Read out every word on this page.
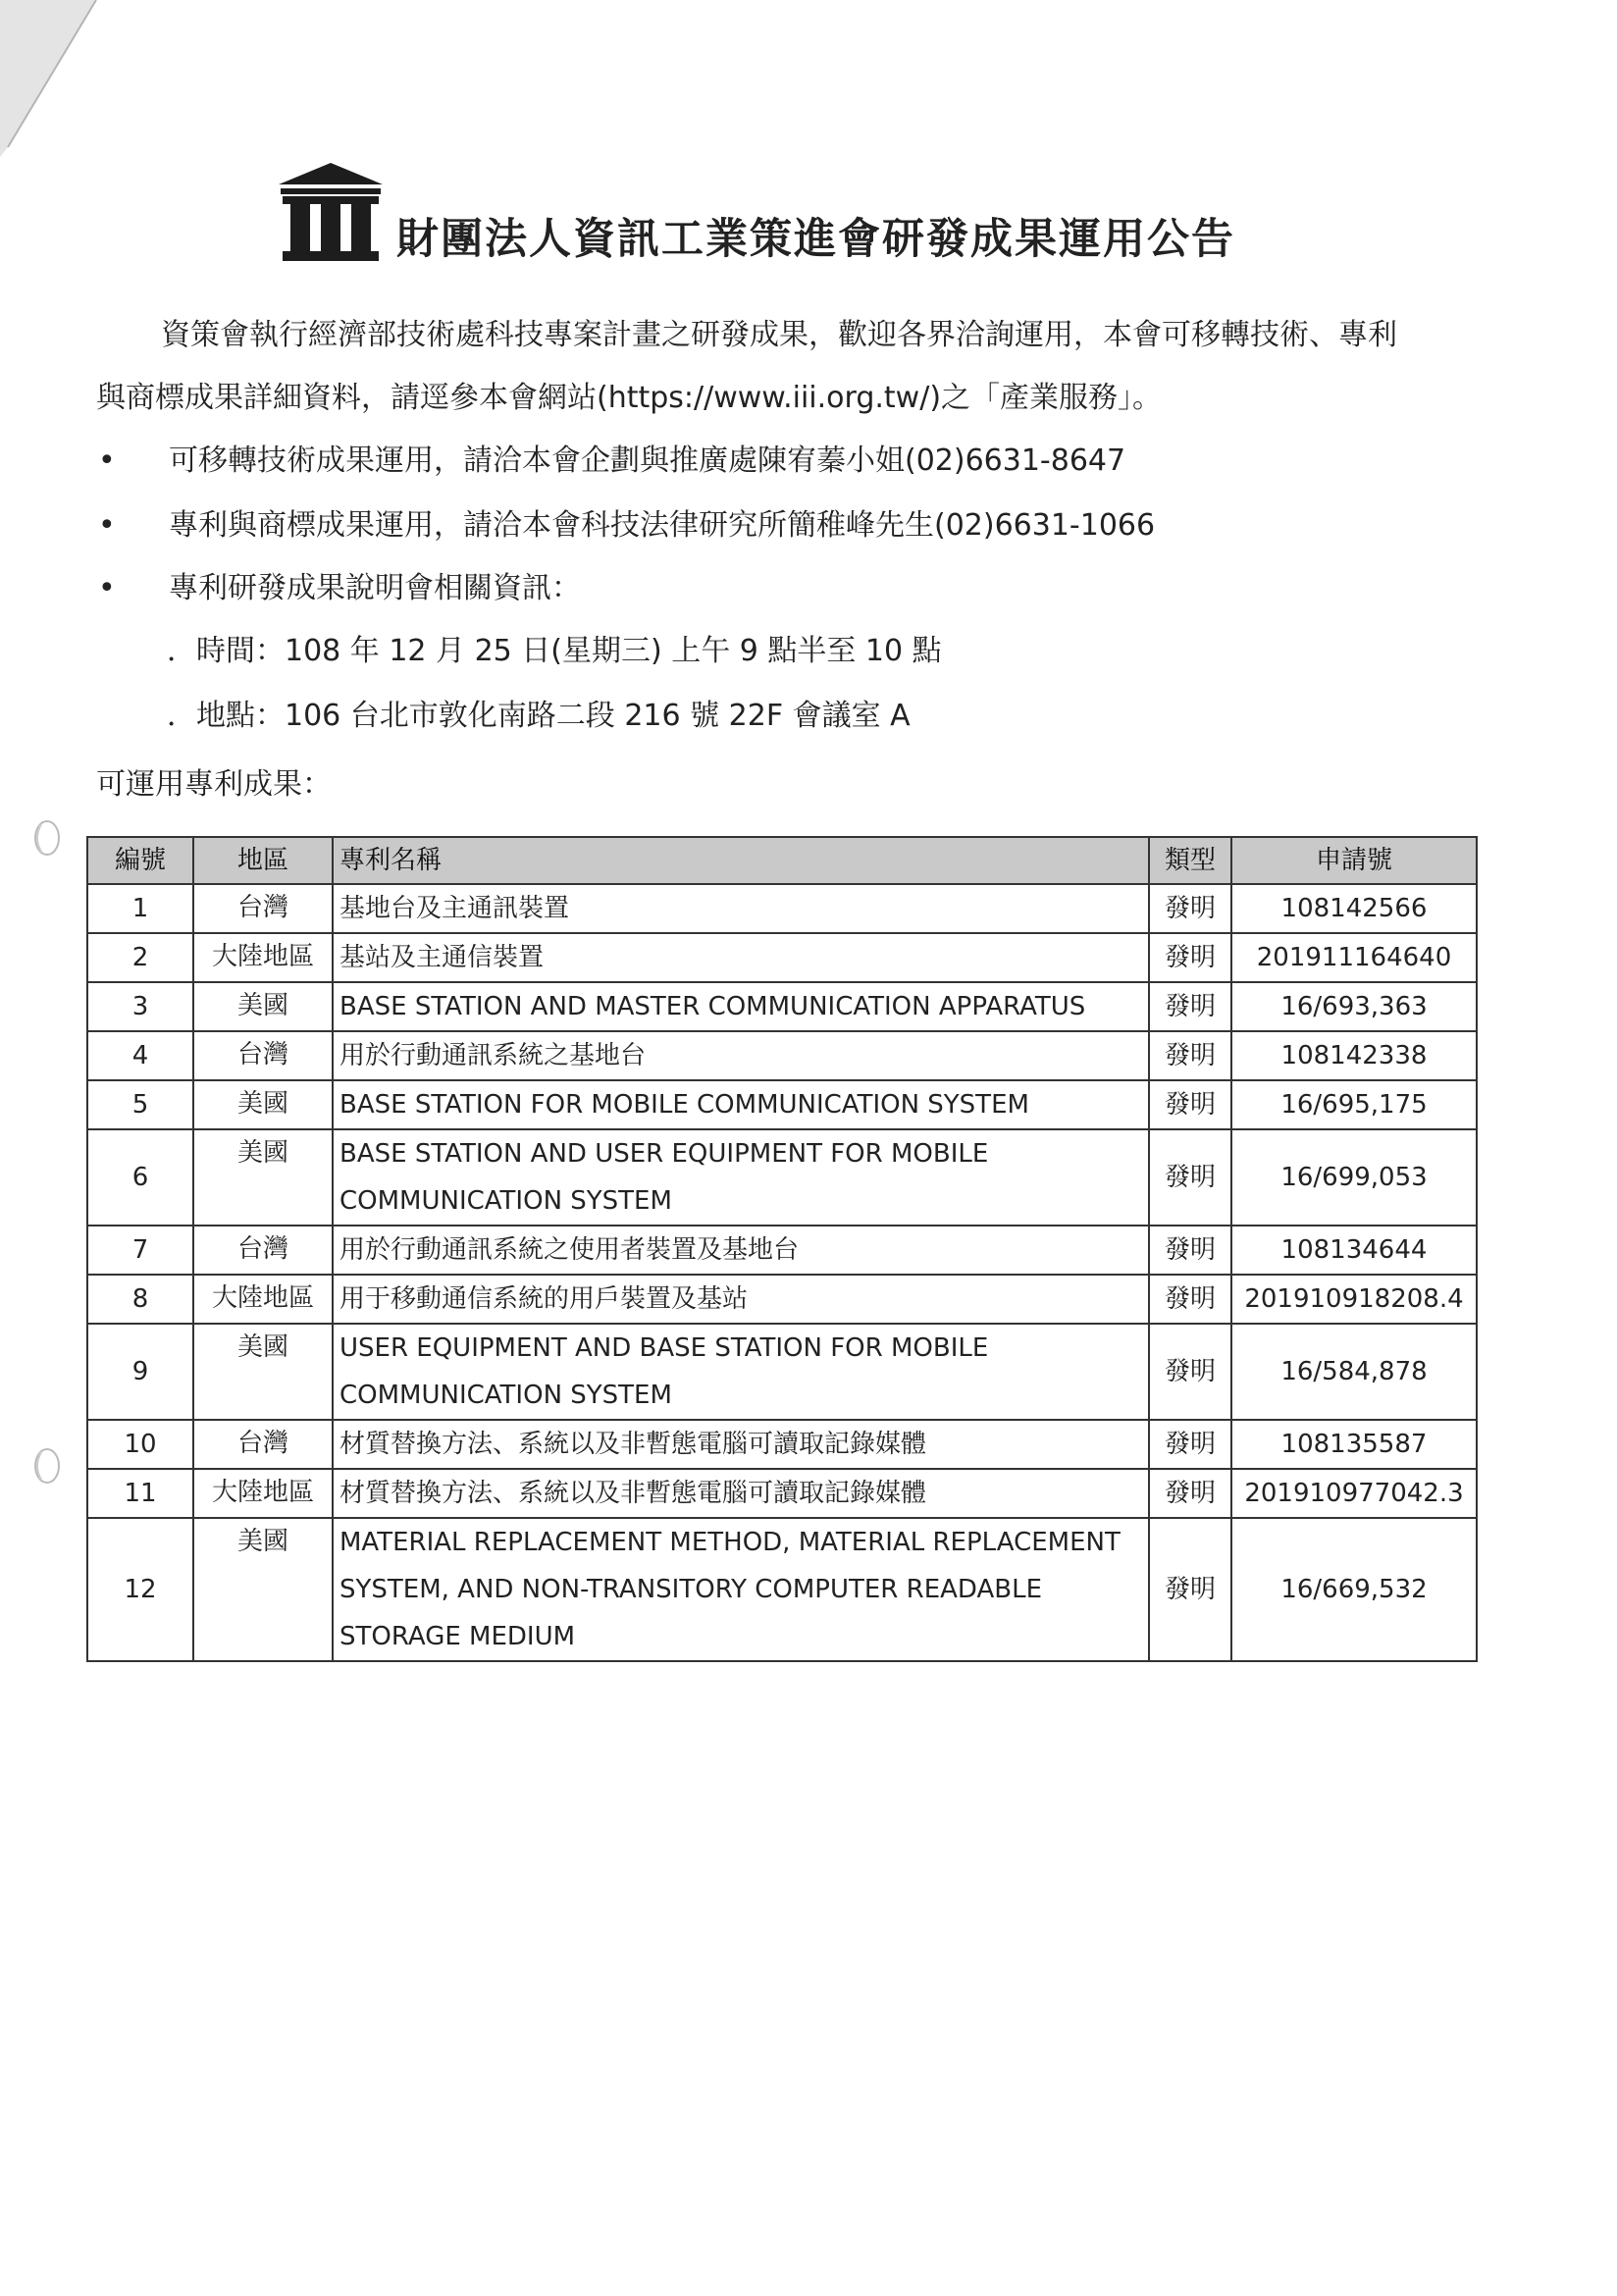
財團法人資訊工業策進會研發成果運用公告

資策會執行經濟部技術處科技專案計畫之研發成果，歡迎各界洽詢運用，本會可移轉技術、專利
與商標成果詳細資料，請逕參本會網站(https://www.iii.org.tw/)之「產業服務」。

•	可移轉技術成果運用，請洽本會企劃與推廣處陳宥蓁小姐(02)6631-8647
•	專利與商標成果運用，請洽本會科技法律研究所簡稚峰先生(02)6631-1066
•	專利研發成果說明會相關資訊：
．時間：108 年 12 月 25 日(星期三) 上午 9 點半至 10 點
．地點：106 台北市敦化南路二段 216 號 22F 會議室 A
可運用專利成果：
編號	地區	專利名稱	類型	申請號
1	台灣	基地台及主通訊裝置	發明	108142566
2	大陸地區	基站及主通信裝置	發明	201911164640
3	美國	BASE STATION AND MASTER COMMUNICATION APPARATUS	發明	16/693,363
4	台灣	用於行動通訊系統之基地台	發明	108142338
5	美國	BASE STATION FOR MOBILE COMMUNICATION SYSTEM	發明	16/695,175
6	美國	BASE STATION AND USER EQUIPMENT FOR MOBILE COMMUNICATION SYSTEM	發明	16/699,053
7	台灣	用於行動通訊系統之使用者裝置及基地台	發明	108134644
8	大陸地區	用于移動通信系統的用戶裝置及基站	發明	201910918208.4
9	美國	USER EQUIPMENT AND BASE STATION FOR MOBILE COMMUNICATION SYSTEM	發明	16/584,878
10	台灣	材質替換方法、系統以及非暫態電腦可讀取記錄媒體	發明	108135587
11	大陸地區	材質替換方法、系統以及非暫態電腦可讀取記錄媒體	發明	201910977042.3
12	美國	MATERIAL REPLACEMENT METHOD, MATERIAL REPLACEMENT SYSTEM, AND NON-TRANSITORY COMPUTER READABLE STORAGE MEDIUM	發明	16/669,532
